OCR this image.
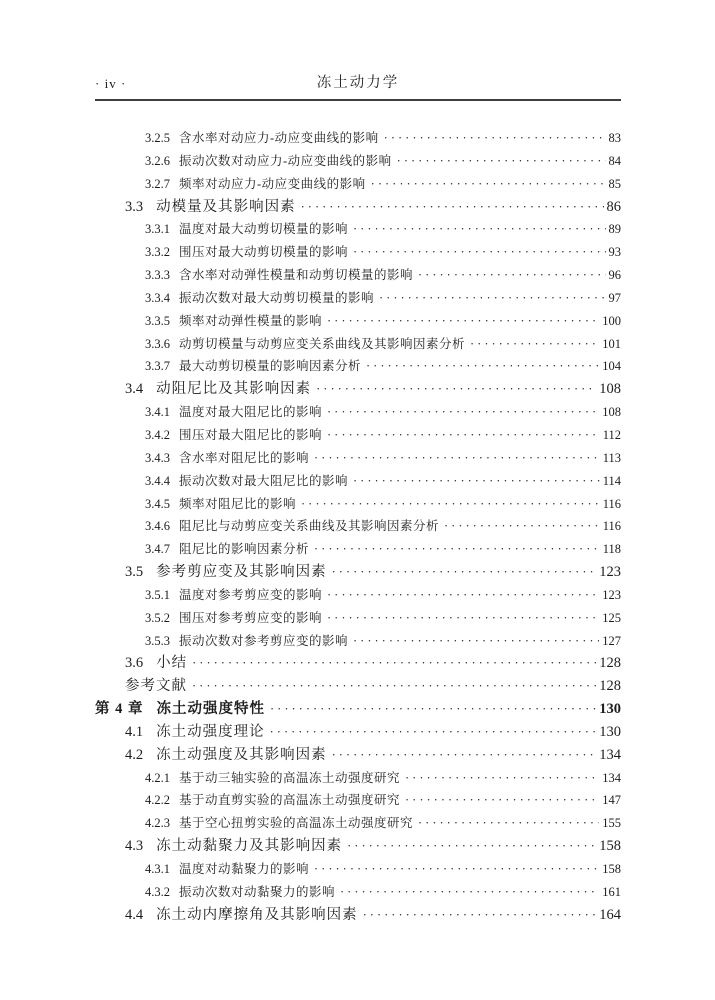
· iv ·	冻土动力学
3.2.5 含水率对动应力-动应变曲线的影响 ·····	83
3.2.6 振动次数对动应力-动应变曲线的影响 ·····	84
3.2.7 频率对动应力-动应变曲线的影响 ·····	85
3.3 动模量及其影响因素 ·····	86
3.3.1 温度对最大动剪切模量的影响 ·····	89
3.3.2 围压对最大动剪切模量的影响 ·····	93
3.3.3 含水率对动弹性模量和动剪切模量的影响 ·····	96
3.3.4 振动次数对最大动剪切模量的影响 ·····	97
3.3.5 频率对动弹性模量的影响 ·····	100
3.3.6 动剪切模量与动剪应变关系曲线及其影响因素分析 ·····	101
3.3.7 最大动剪切模量的影响因素分析 ·····	104
3.4 动阻尼比及其影响因素 ·····	108
3.4.1 温度对最大阻尼比的影响 ·····	108
3.4.2 围压对最大阻尼比的影响 ·····	112
3.4.3 含水率对阻尼比的影响 ·····	113
3.4.4 振动次数对最大阻尼比的影响 ·····	114
3.4.5 频率对阻尼比的影响 ·····	116
3.4.6 阻尼比与动剪应变关系曲线及其影响因素分析 ·····	116
3.4.7 阻尼比的影响因素分析 ·····	118
3.5 参考剪应变及其影响因素 ·····	123
3.5.1 温度对参考剪应变的影响 ·····	123
3.5.2 围压对参考剪应变的影响 ·····	125
3.5.3 振动次数对参考剪应变的影响 ·····	127
3.6 小结 ·····	128
参考文献 ·····	128
第 4 章 冻土动强度特性 ·····	130
4.1 冻土动强度理论 ·····	130
4.2 冻土动强度及其影响因素 ·····	134
4.2.1 基于动三轴实验的高温冻土动强度研究 ·····	134
4.2.2 基于动直剪实验的高温冻土动强度研究 ·····	147
4.2.3 基于空心扭剪实验的高温冻土动强度研究 ·····	155
4.3 冻土动黏聚力及其影响因素 ·····	158
4.3.1 温度对动黏聚力的影响 ·····	158
4.3.2 振动次数对动黏聚力的影响 ·····	161
4.4 冻土动内摩擦角及其影响因素 ·····	164
